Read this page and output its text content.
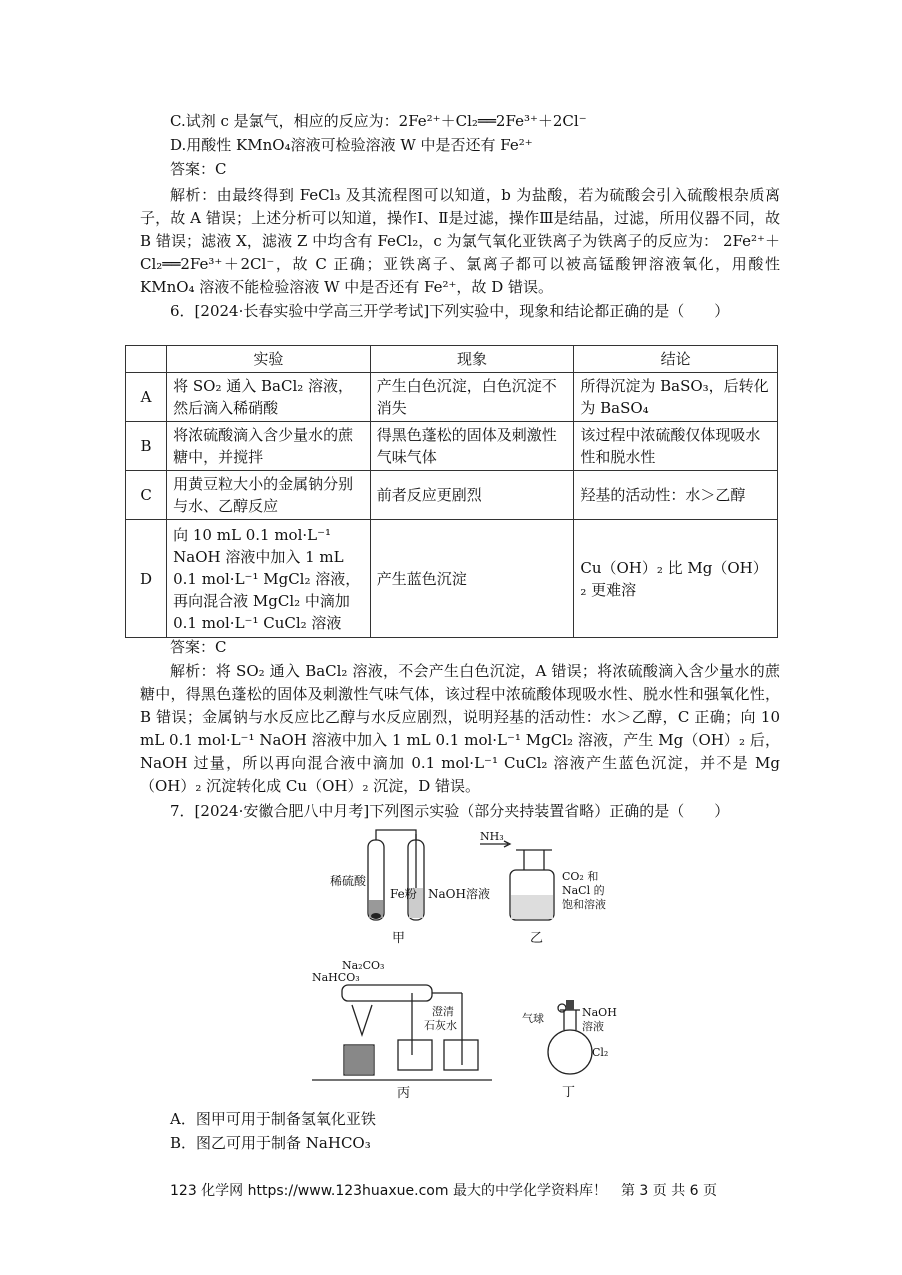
C.试剂 c 是氯气，相应的反应为：2Fe²⁺＋Cl₂══2Fe³⁺＋2Cl⁻
D.用酸性 KMnO₄溶液可检验溶液 W 中是否还有 Fe²⁺
答案：C
解析：由最终得到 FeCl₃ 及其流程图可以知道，b 为盐酸，若为硫酸会引入硫酸根杂质离子，故 A 错误；上述分析可以知道，操作Ⅰ、Ⅱ是过滤，操作Ⅲ是结晶，过滤，所用仪器不同，故 B 错误；滤液 X，滤液 Z 中均含有 FeCl₂，c 为氯气氧化亚铁离子为铁离子的反应为： 2Fe²⁺＋Cl₂══2Fe³⁺＋2Cl⁻，故 C 正确；亚铁离子、氯离子都可以被高锰酸钾溶液氧化，用酸性 KMnO₄ 溶液不能检验溶液 W 中是否还有 Fe²⁺，故 D 错误。
6．[2024·长春实验中学高三开学考试]下列实验中，现象和结论都正确的是（　　）
	实验	现象	结论
A	将 SO₂ 通入 BaCl₂ 溶液，然后滴入稀硝酸	产生白色沉淀，白色沉淀不消失	所得沉淀为 BaSO₃，后转化为 BaSO₄
B	将浓硫酸滴入含少量水的蔗糖中，并搅拌	得黑色蓬松的固体及刺激性气味气体	该过程中浓硫酸仅体现吸水性和脱水性
C	用黄豆粒大小的金属钠分别与水、乙醇反应	前者反应更剧烈	羟基的活动性：水＞乙醇
D	向 10 mL 0.1 mol·L⁻¹ NaOH 溶液中加入 1 mL 0.1 mol·L⁻¹ MgCl₂ 溶液，再向混合液 MgCl₂ 中滴加 0.1 mol·L⁻¹ CuCl₂ 溶液	产生蓝色沉淀	Cu（OH）₂ 比 Mg（OH）₂ 更难溶
答案：C
解析：将 SO₂ 通入 BaCl₂ 溶液，不会产生白色沉淀，A 错误；将浓硫酸滴入含少量水的蔗糖中，得黑色蓬松的固体及刺激性气味气体，该过程中浓硫酸体现吸水性、脱水性和强氧化性，B 错误；金属钠与水反应比乙醇与水反应剧烈，说明羟基的活动性：水＞乙醇，C 正确；向 10 mL 0.1 mol·L⁻¹ NaOH 溶液中加入 1 mL 0.1 mol·L⁻¹ MgCl₂ 溶液，产生 Mg（OH）₂ 后，NaOH 过量，所以再向混合液中滴加 0.1 mol·L⁻¹ CuCl₂ 溶液产生蓝色沉淀，并不是 Mg（OH）₂ 沉淀转化成 Cu（OH）₂ 沉淀，D 错误。
7．[2024·安徽合肥八中月考]下列图示实验（部分夹持装置省略）正确的是（　　）
稀硫酸
Fe粉 NaOH溶液
甲
NH₃
CO₂ 和
NaCl 的
饱和溶液
乙
Na₂CO₃
NaHCO₃
澄清
石灰水
丙
气球	NaOH
溶液
Cl₂
丁
A．图甲可用于制备氢氧化亚铁
B．图乙可用于制备 NaHCO₃
123 化学网 https://www.123huaxue.com 最大的中学化学资料库！　第 3 页 共 6 页
